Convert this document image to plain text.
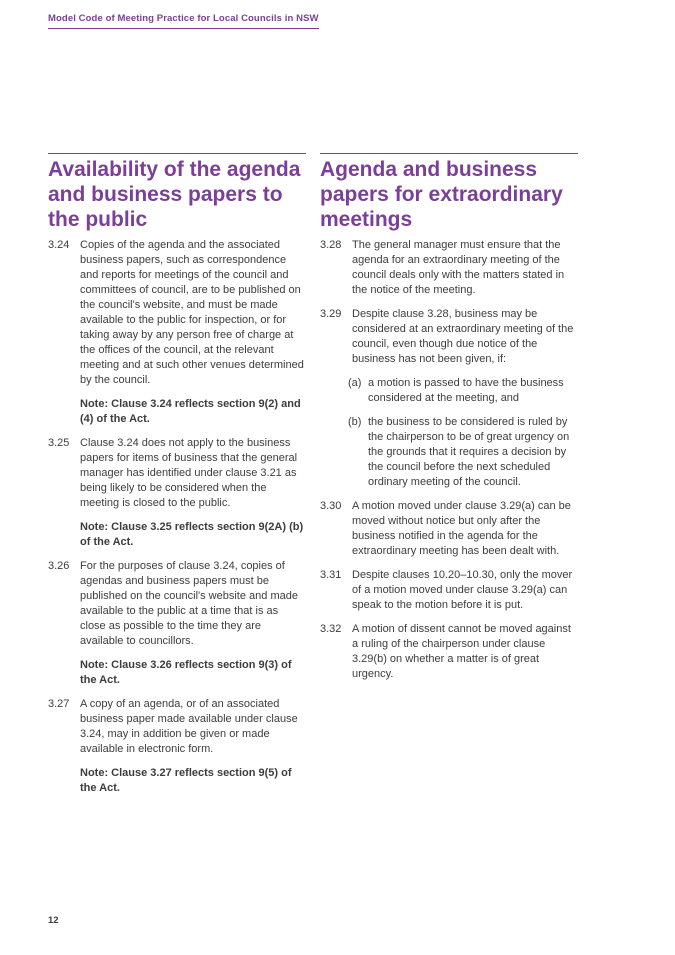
Model Code of Meeting Practice for Local Councils in NSW
Availability of the agenda and business papers to the public
3.24 Copies of the agenda and the associated business papers, such as correspondence and reports for meetings of the council and committees of council, are to be published on the council's website, and must be made available to the public for inspection, or for taking away by any person free of charge at the offices of the council, at the relevant meeting and at such other venues determined by the council.
Note: Clause 3.24 reflects section 9(2) and (4) of the Act.
3.25 Clause 3.24 does not apply to the business papers for items of business that the general manager has identified under clause 3.21 as being likely to be considered when the meeting is closed to the public.
Note: Clause 3.25 reflects section 9(2A) (b) of the Act.
3.26 For the purposes of clause 3.24, copies of agendas and business papers must be published on the council's website and made available to the public at a time that is as close as possible to the time they are available to councillors.
Note: Clause 3.26 reflects section 9(3) of the Act.
3.27 A copy of an agenda, or of an associated business paper made available under clause 3.24, may in addition be given or made available in electronic form.
Note: Clause 3.27 reflects section 9(5) of the Act.
Agenda and business papers for extraordinary meetings
3.28 The general manager must ensure that the agenda for an extraordinary meeting of the council deals only with the matters stated in the notice of the meeting.
3.29 Despite clause 3.28, business may be considered at an extraordinary meeting of the council, even though due notice of the business has not been given, if:
(a) a motion is passed to have the business considered at the meeting, and
(b) the business to be considered is ruled by the chairperson to be of great urgency on the grounds that it requires a decision by the council before the next scheduled ordinary meeting of the council.
3.30 A motion moved under clause 3.29(a) can be moved without notice but only after the business notified in the agenda for the extraordinary meeting has been dealt with.
3.31 Despite clauses 10.20–10.30, only the mover of a motion moved under clause 3.29(a) can speak to the motion before it is put.
3.32 A motion of dissent cannot be moved against a ruling of the chairperson under clause 3.29(b) on whether a matter is of great urgency.
12
